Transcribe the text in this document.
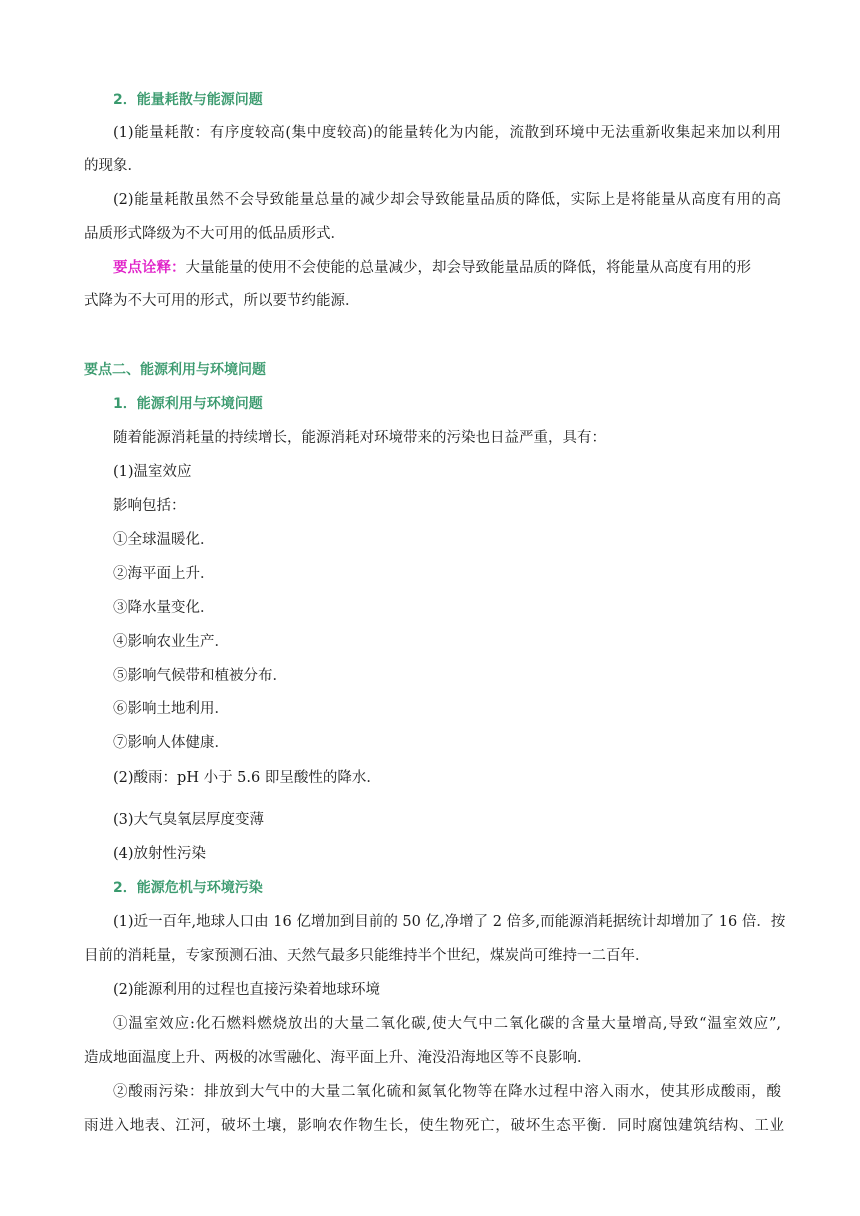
2．能量耗散与能源问题
(1)能量耗散：有序度较高(集中度较高)的能量转化为内能，流散到环境中无法重新收集起来加以利用
的现象．
(2)能量耗散虽然不会导致能量总量的减少却会导致能量品质的降低，实际上是将能量从高度有用的高
品质形式降级为不大可用的低品质形式．
要点诠释：大量能量的使用不会使能的总量减少，却会导致能量品质的降低，将能量从高度有用的形
式降为不大可用的形式，所以要节约能源．
要点二、能源利用与环境问题
1．能源利用与环境问题
随着能源消耗量的持续增长，能源消耗对环境带来的污染也日益严重，具有：
(1)温室效应
影响包括：
①全球温暖化．
②海平面上升．
③降水量变化．
④影响农业生产．
⑤影响气候带和植被分布．
⑥影响土地利用．
⑦影响人体健康．
(2)酸雨：pH 小于 5.6 即呈酸性的降水．
(3)大气臭氧层厚度变薄
(4)放射性污染
2．能源危机与环境污染
(1)近一百年,地球人口由 16 亿增加到目前的 50 亿,净增了 2 倍多,而能源消耗据统计却增加了 16 倍．按
目前的消耗量，专家预测石油、天然气最多只能维持半个世纪，煤炭尚可维持一二百年．
(2)能源利用的过程也直接污染着地球环境
①温室效应:化石燃料燃烧放出的大量二氧化碳,使大气中二氧化碳的含量大量增高,导致“温室效应”,
造成地面温度上升、两极的冰雪融化、海平面上升、淹没沿海地区等不良影响．
②酸雨污染：排放到大气中的大量二氧化硫和氮氧化物等在降水过程中溶入雨水，使其形成酸雨，酸
雨进入地表、江河，破坏土壤，影响农作物生长，使生物死亡，破坏生态平衡．同时腐蚀建筑结构、工业
